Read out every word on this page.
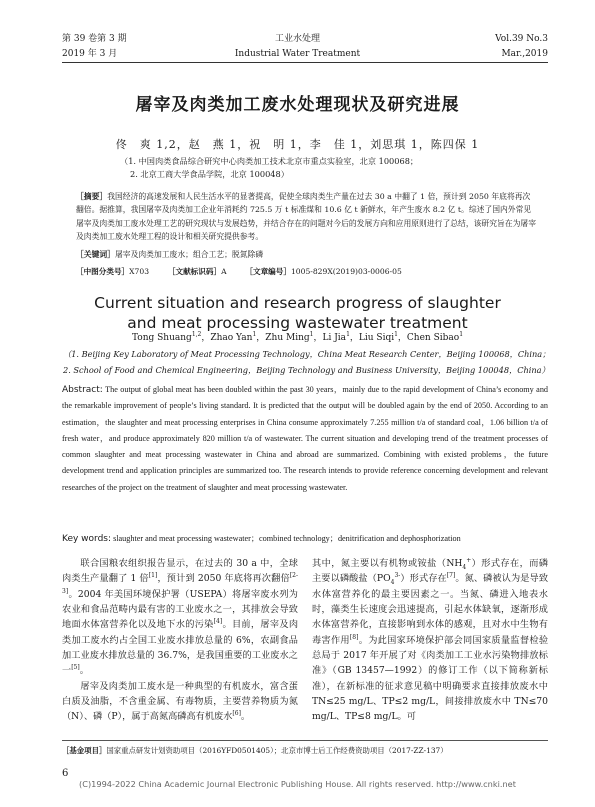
第 39 卷第 3 期
2019 年 3 月
工业水处理
Industrial Water Treatment
Vol.39 No.3
Mar.,2019
屠宰及肉类加工废水处理现状及研究进展
佟　爽 1,2，赵　燕 1，祝　明 1，李　佳 1，刘思琪 1，陈四保 1
（1. 中国肉类食品综合研究中心肉类加工技术北京市重点实验室，北京 100068；
2. 北京工商大学食品学院，北京 100048）
［摘要］我国经济的高速发展和人民生活水平的显著提高，促使全球肉类生产量在过去 30 a 中翻了 1 倍，预计到 2050 年底将再次翻倍。据推算，我国屠宰及肉类加工企业年消耗约 725.5 万 t 标准煤和 10.6 亿 t 新鲜水，年产生废水 8.2 亿 t。综述了国内外常见屠宰及肉类加工废水处理工艺的研究现状与发展趋势，并结合存在的问题对今后的发展方向和应用原则进行了总结，该研究旨在为屠宰及肉类加工废水处理工程的设计和相关研究提供参考。
［关键词］屠宰及肉类加工废水；组合工艺；脱氮除磷
［中图分类号］X703 ［文献标识码］A ［文章编号］1005-829X(2019)03-0006-05
Current situation and research progress of slaughter
and meat processing wastewater treatment
Tong Shuang$^{1,2}$，Zhao Yan$^1$，Zhu Ming$^1$，Li Jia$^1$，Liu Siqi$^1$，Chen Sibao$^1$
（1. Beijing Key Laboratory of Meat Processing Technology，China Meat Research Center，Beijing 100068，China；
2. School of Food and Chemical Engineering，Beijing Technology and Business University，Beijing 100048，China）
Abstract: The output of global meat has been doubled within the past 30 years，mainly due to the rapid development of China’s economy and the remarkable improvement of people’s living standard. It is predicted that the output will be doubled again by the end of 2050. According to an estimation，the slaughter and meat processing enterprises in China consume approximately 7.255 million t/a of standard coal，1.06 billion t/a of fresh water，and produce approximately 820 million t/a of wastewater. The current situation and developing trend of the treatment processes of common slaughter and meat processing wastewater in China and abroad are summarized. Combining with existed problems，the future development trend and application principles are summarized too. The research intends to provide reference concerning development and relevant researches of the project on the treatment of slaughter and meat processing wastewater.
Key words: slaughter and meat processing wastewater；combined technology；denitrification and dephosphorization

联合国粮农组织报告显示，在过去的 30 a 中，全球肉类生产量翻了 1 倍[1]，预计到 2050 年底将再次翻倍[2-3]。2004 年美国环境保护署（USEPA）将屠宰废水列为农业和食品范畴内最有害的工业废水之一，其排放会导致地面水体富营养化以及地下水的污染[4]。目前，屠宰及肉类加工废水约占全国工业废水排放总量的 6%，农副食品加工业废水排放总量的 36.7%，是我国重要的工业废水之一[5]。

屠宰及肉类加工废水是一种典型的有机废水，富含蛋白质及油脂，不含重金属、有毒物质，主要营养物质为氮（N）、磷（P），属于高氮高磷高有机废水[6]。

其中，氮主要以有机物或铵盐$(NH_4^+)$形式存在，而磷主要以磷酸盐$(PO_4^{3-})$形式存在[7]。氮、磷被认为是导致水体富营养化的最主要因素之一。当氮、磷进入地表水时，藻类生长速度会迅速提高，引起水体缺氧，逐渐形成水体富营养化，直接影响到水体的感观，且对水中生物有毒害作用[8]。为此国家环境保护部会同国家质量监督检验总局于 2017 年开展了对《肉类加工工业水污染物排放标准》（GB 13457—1992）的修订工作（以下简称新标准），在新标准的征求意见稿中明确要求直接排放废水中 TN≤25 mg/L、TP≤2 mg/L，间接排放废水中 TN≤70 mg/L、TP≤8 mg/L。可

［基金项目］国家重点研发计划资助项目（2016YFD0501405）；北京市博士后工作经费资助项目（2017-ZZ-137）
6
(C)1994-2022 China Academic Journal Electronic Publishing House. All rights reserved. http://www.cnki.net
